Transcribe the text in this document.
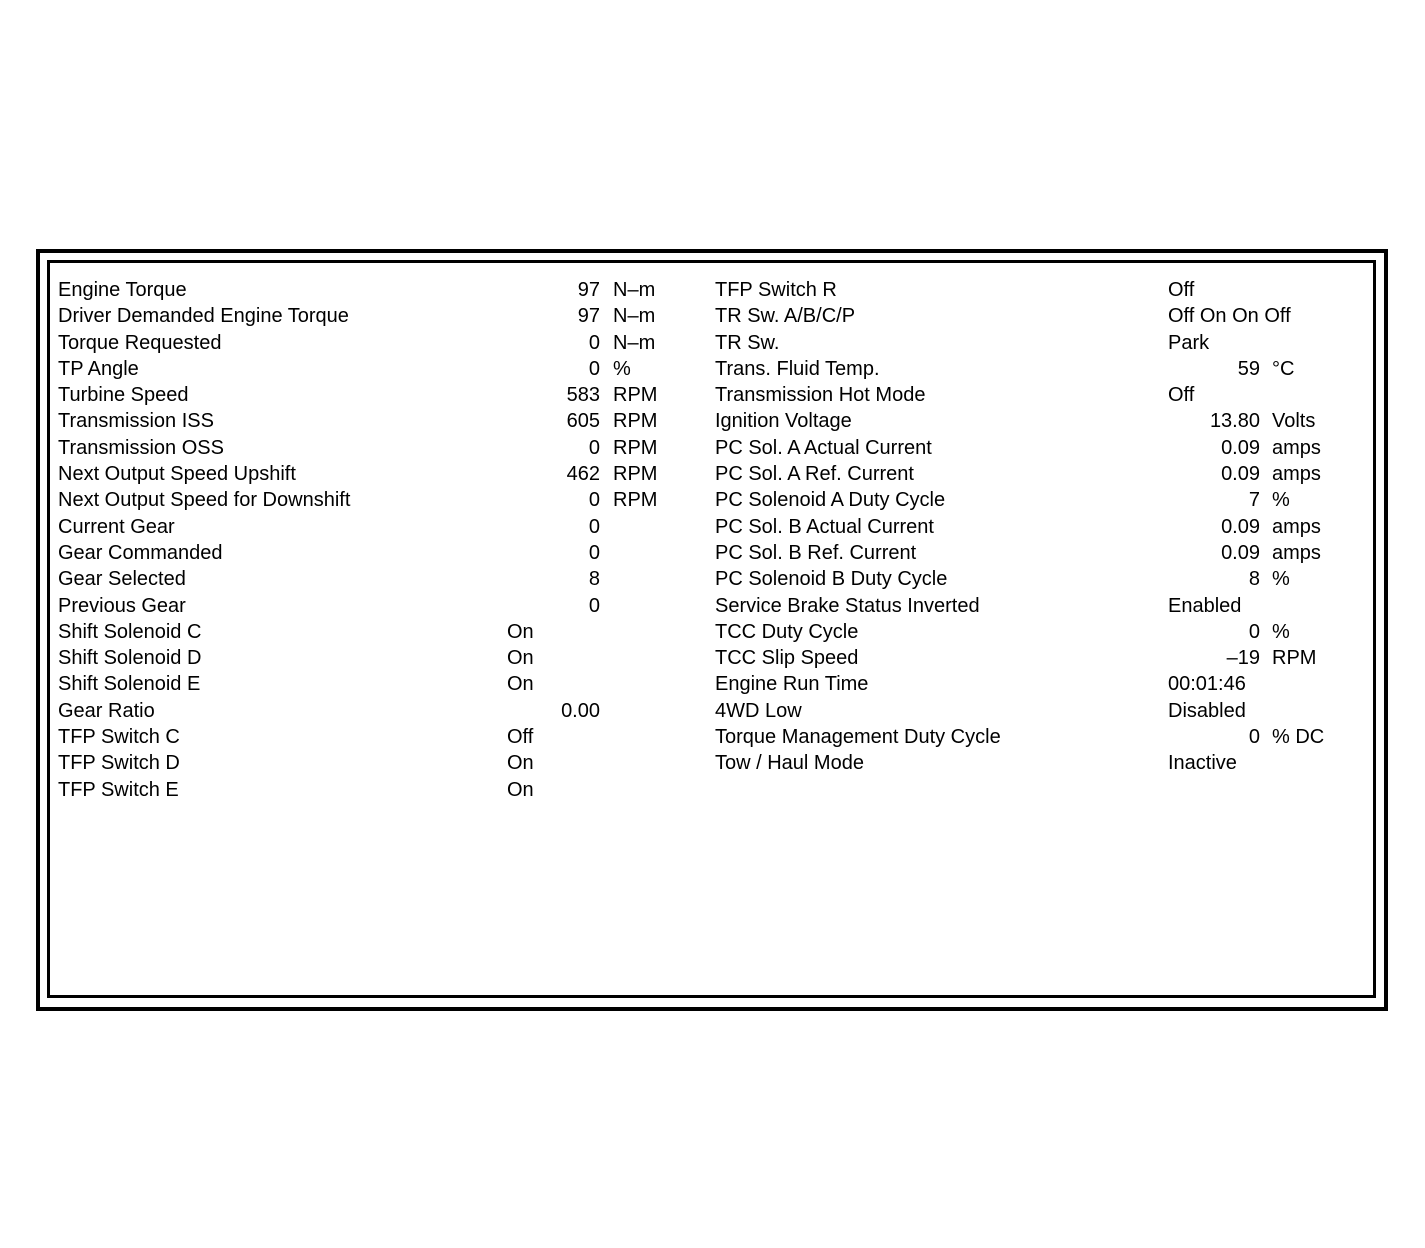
Engine Torque	97 N–m
Driver Demanded Engine Torque	97 N–m
Torque Requested	0 N–m
TP Angle	0 %
Turbine Speed	583 RPM
Transmission ISS	605 RPM
Transmission OSS	0 RPM
Next Output Speed Upshift	462 RPM
Next Output Speed for Downshift	0 RPM
Current Gear	0
Gear Commanded	0
Gear Selected	8
Previous Gear	0
Shift Solenoid C	On
Shift Solenoid D	On
Shift Solenoid E	On
Gear Ratio	0.00
TFP Switch C	Off
TFP Switch D	On
TFP Switch E	On
TFP Switch R	Off
TR Sw. A/B/C/P	Off On On Off
TR Sw.	Park
Trans. Fluid Temp.	59 °C
Transmission Hot Mode	Off
Ignition Voltage	13.80 Volts
PC Sol. A Actual Current	0.09 amps
PC Sol. A Ref. Current	0.09 amps
PC Solenoid A Duty Cycle	7 %
PC Sol. B Actual Current	0.09 amps
PC Sol. B Ref. Current	0.09 amps
PC Solenoid B Duty Cycle	8 %
Service Brake Status Inverted	Enabled
TCC Duty Cycle	0 %
TCC Slip Speed	–19 RPM
Engine Run Time	00:01:46
4WD Low	Disabled
Torque Management Duty Cycle	0 % DC
Tow / Haul Mode	Inactive
